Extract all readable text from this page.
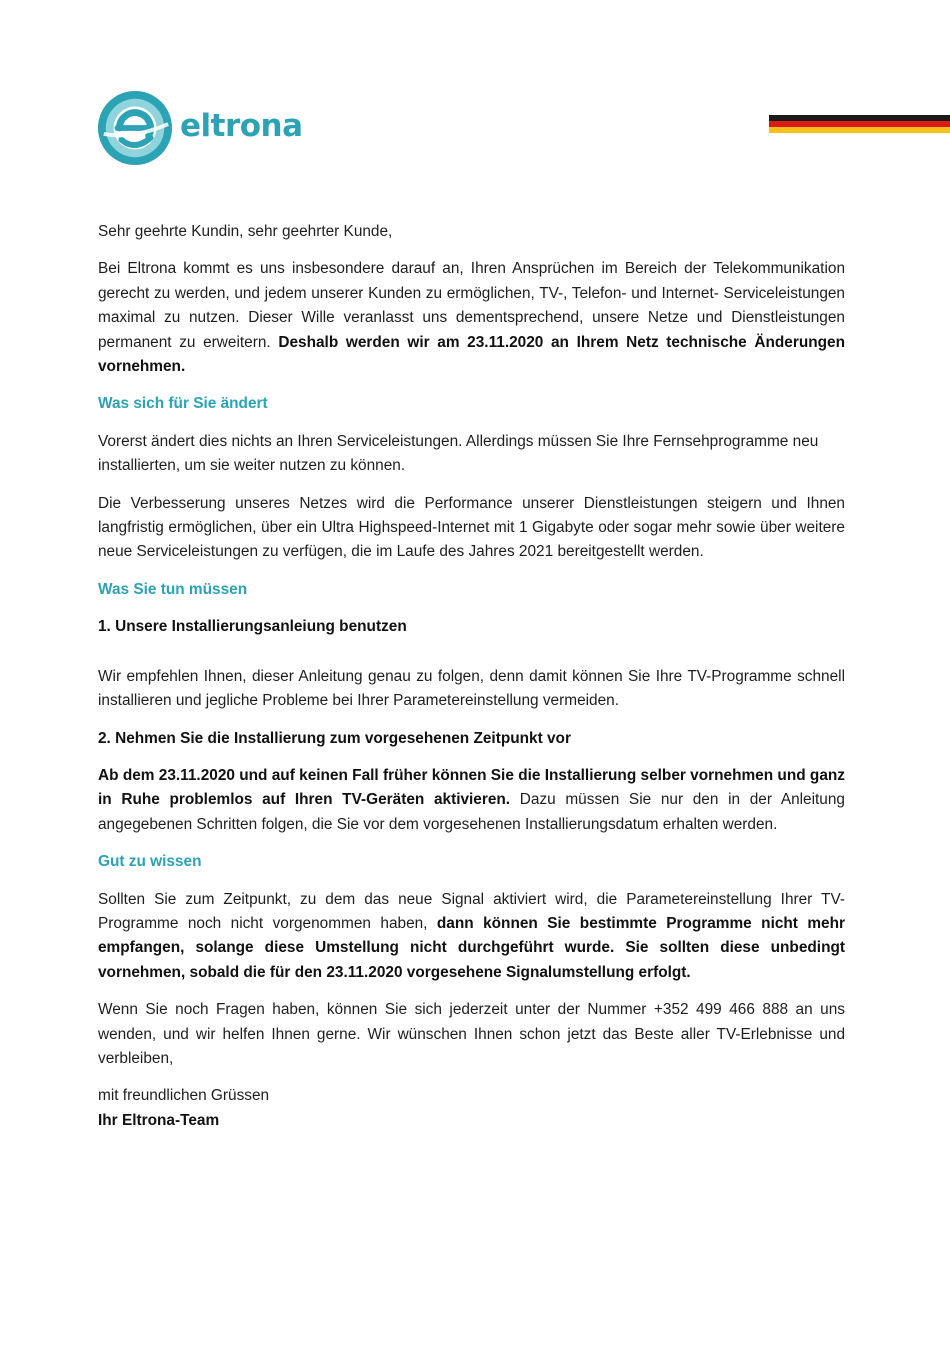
eltrona

Sehr geehrte Kundin, sehr geehrter Kunde,

Bei Eltrona kommt es uns insbesondere darauf an, Ihren Ansprüchen im Bereich der Telekommunikation gerecht zu werden, und jedem unserer Kunden zu ermöglichen, TV-, Telefon- und Internet- Serviceleistungen maximal zu nutzen. Dieser Wille veranlasst uns dementsprechend, unsere Netze und Dienstleistungen permanent zu erweitern. Deshalb werden wir am 23.11.2020 an Ihrem Netz technische Änderungen vornehmen.

Was sich für Sie ändert

Vorerst ändert dies nichts an Ihren Serviceleistungen. Allerdings müssen Sie Ihre Fernsehprogramme neu installierten, um sie weiter nutzen zu können.

Die Verbesserung unseres Netzes wird die Performance unserer Dienstleistungen steigern und Ihnen langfristig ermöglichen, über ein Ultra Highspeed-Internet mit 1 Gigabyte oder sogar mehr sowie über weitere neue Serviceleistungen zu verfügen, die im Laufe des Jahres 2021 bereitgestellt werden.

Was Sie tun müssen

1. Unsere Installierungsanleiung benutzen

Wir empfehlen Ihnen, dieser Anleitung genau zu folgen, denn damit können Sie Ihre TV-Programme schnell installieren und jegliche Probleme bei Ihrer Parametereinstellung vermeiden.

2. Nehmen Sie die Installierung zum vorgesehenen Zeitpunkt vor

Ab dem 23.11.2020 und auf keinen Fall früher können Sie die Installierung selber vornehmen und ganz in Ruhe problemlos auf Ihren TV-Geräten aktivieren. Dazu müssen Sie nur den in der Anleitung angegebenen Schritten folgen, die Sie vor dem vorgesehenen Installierungsdatum erhalten werden.

Gut zu wissen

Sollten Sie zum Zeitpunkt, zu dem das neue Signal aktiviert wird, die Parametereinstellung Ihrer TV-Programme noch nicht vorgenommen haben, dann können Sie bestimmte Programme nicht mehr empfangen, solange diese Umstellung nicht durchgeführt wurde. Sie sollten diese unbedingt vornehmen, sobald die für den 23.11.2020 vorgesehene Signalumstellung erfolgt.

Wenn Sie noch Fragen haben, können Sie sich jederzeit unter der Nummer +352 499 466 888 an uns wenden, und wir helfen Ihnen gerne. Wir wünschen Ihnen schon jetzt das Beste aller TV-Erlebnisse und verbleiben,

mit freundlichen Grüssen

Ihr Eltrona-Team
